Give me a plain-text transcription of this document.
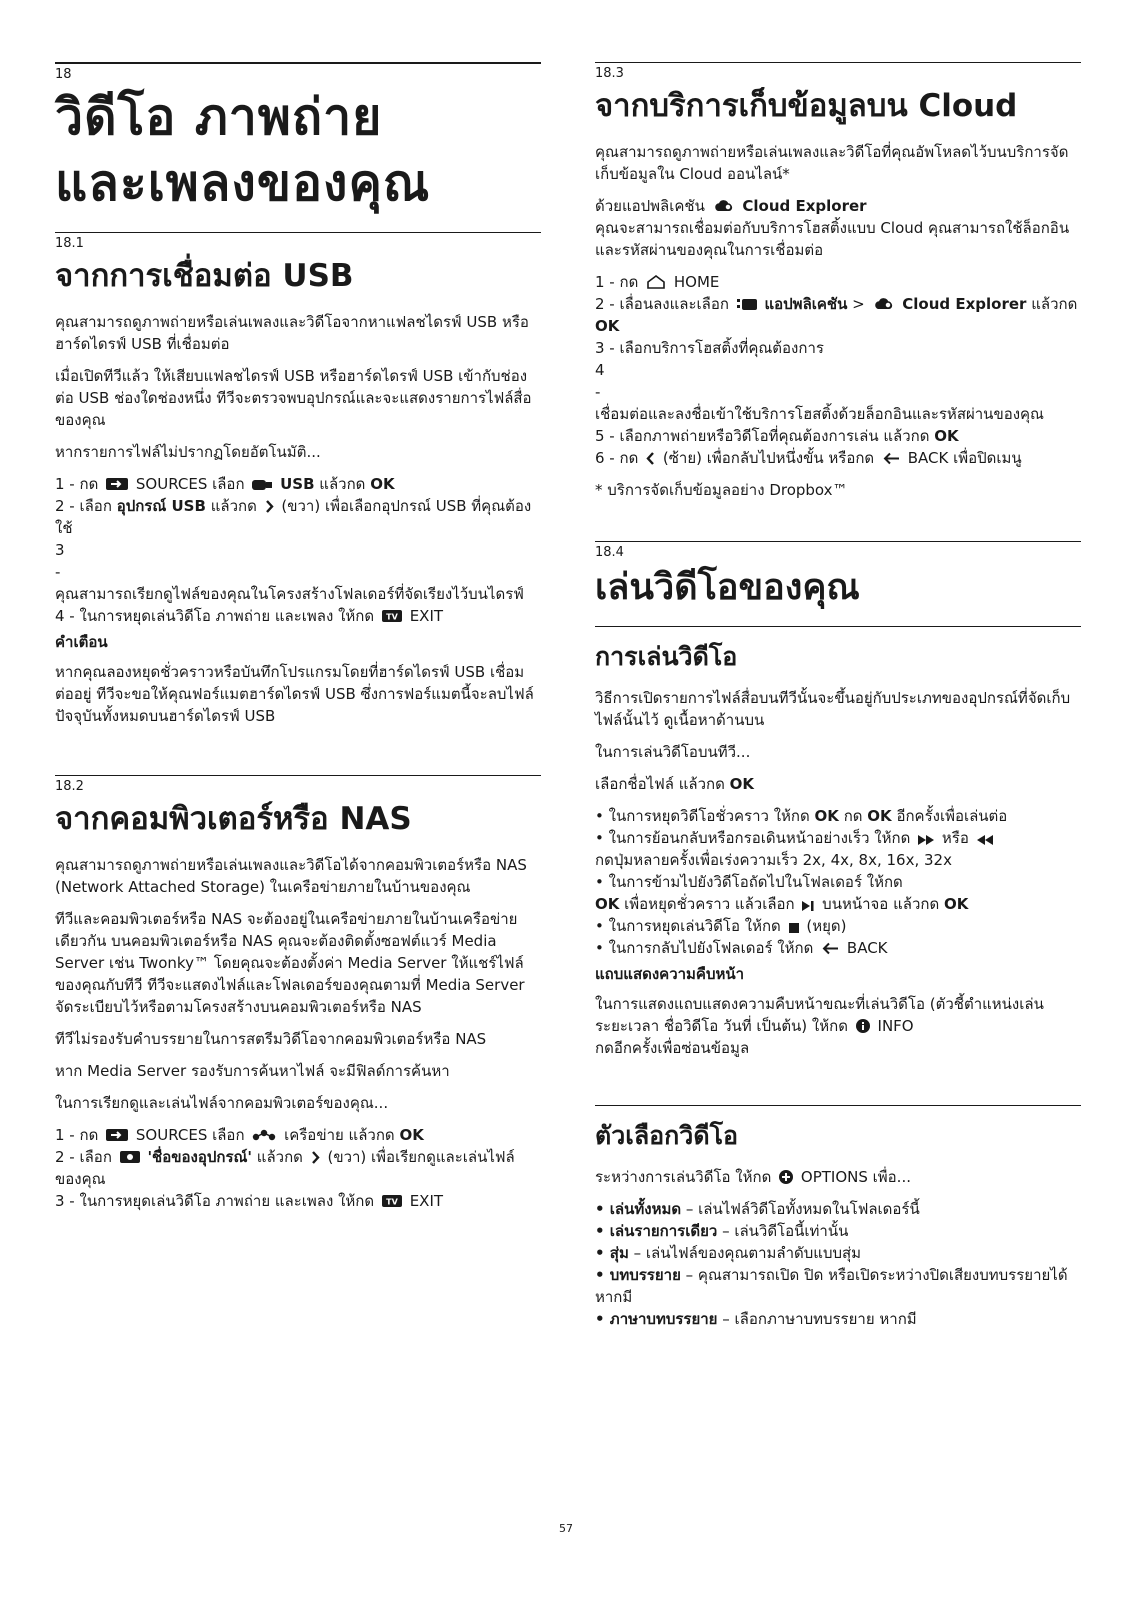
18

วิดีโอ ภาพถ่าย
และเพลงของคุณ

18.1

จากการเชื่อมต่อ USB

คุณสามารถดูภาพถ่ายหรือเล่นเพลงและวิดีโอจากหาแฟลชไดรฟ์ USB หรือ ฮาร์ดไดรฟ์ USB ที่เชื่อมต่อ

เมื่อเปิดทีวีแล้ว ให้เสียบแฟลชไดรฟ์ USB หรือฮาร์ดไดรฟ์ USB เข้ากับช่องต่อ USB ช่องใดช่องหนึ่ง ทีวีจะตรวจพบอุปกรณ์และจะแสดงรายการไฟล์สื่อของคุณ

หากรายการไฟล์ไม่ปรากฏโดยอัตโนมัติ...

1 - กด	SOURCES เลือก USB แล้วกด OK

2 - เลือก อุปกรณ์ USB แล้วกด (ขวา) เพื่อเลือกอุปกรณ์ USB ที่คุณต้องใช้

3

-

คุณสามารถเรียกดูไฟล์ของคุณในโครงสร้างโฟลเดอร์ที่จัดเรียงไว้บนไดรฟ์

4 - ในการหยุดเล่นวิดีโอ ภาพถ่าย และเพลง ให้กด TV EXIT

คำเตือน

หากคุณลองหยุดชั่วคราวหรือบันทึกโปรแกรมโดยที่ฮาร์ดไดรฟ์ USB เชื่อมต่ออยู่ ทีวีจะขอให้คุณฟอร์แมตฮาร์ดไดรฟ์ USB ซึ่งการฟอร์แมตนี้จะลบไฟล์ปัจจุบันทั้งหมดบนฮาร์ดไดรฟ์ USB

18.2

จากคอมพิวเตอร์หรือ NAS

คุณสามารถดูภาพถ่ายหรือเล่นเพลงและวิดีโอได้จากคอมพิวเตอร์หรือ NAS (Network Attached Storage) ในเครือข่ายภายในบ้านของคุณ

ทีวีและคอมพิวเตอร์หรือ NAS จะต้องอยู่ในเครือข่ายภายในบ้านเครือข่ายเดียวกัน บนคอมพิวเตอร์หรือ NAS คุณจะต้องติดตั้งซอฟต์แวร์ Media Server เช่น Twonky™ โดยคุณจะต้องตั้งค่า Media Server ให้แชร์ไฟล์ของคุณกับทีวี ทีวีจะแสดงไฟล์และโฟลเดอร์ของคุณตามที่ Media Server จัดระเบียบไว้หรือตามโครงสร้างบนคอมพิวเตอร์หรือ NAS

ทีวีไม่รองรับคำบรรยายในการสตรีมวิดีโอจากคอมพิวเตอร์หรือ NAS

หาก Media Server รองรับการค้นหาไฟล์ จะมีฟิลด์การค้นหา

ในการเรียกดูและเล่นไฟล์จากคอมพิวเตอร์ของคุณ...

1 - กด	SOURCES เลือก	เครือข่าย แล้วกด OK

2 - เลือก 'ชื่อของอุปกรณ์' แล้วกด (ขวา) เพื่อเรียกดูและเล่นไฟล์ของคุณ

3 - ในการหยุดเล่นวิดีโอ ภาพถ่าย และเพลง ให้กด TV EXIT

18.3

จากบริการเก็บข้อมูลบน Cloud

คุณสามารถดูภาพถ่ายหรือเล่นเพลงและวิดีโอที่คุณอัพโหลดไว้บนบริการจัดเก็บข้อมูลใน Cloud ออนไลน์*

ด้วยแอปพลิเคชัน	Cloud Explorer
คุณจะสามารถเชื่อมต่อกับบริการโฮสติ้งแบบ Cloud คุณสามารถใช้ล็อกอินและรหัสผ่านของคุณในการเชื่อมต่อ

1 - กด HOME

2 - เลื่อนลงและเลือก แอปพลิเคชัน >	Cloud Explorer แล้วกด OK

3 - เลือกบริการโฮสติ้งที่คุณต้องการ

4

-

เชื่อมต่อและลงชื่อเข้าใช้บริการโฮสติ้งด้วยล็อกอินและรหัสผ่านของคุณ

5 - เลือกภาพถ่ายหรือวิดีโอที่คุณต้องการเล่น แล้วกด OK

6 - กด (ซ้าย) เพื่อกลับไปหนึ่งขั้น หรือกด BACK เพื่อปิดเมนู

* บริการจัดเก็บข้อมูลอย่าง Dropbox™

18.4

เล่นวิดีโอของคุณ
การเล่นวิดีโอ

วิธีการเปิดรายการไฟล์สื่อบนทีวีนั้นจะขึ้นอยู่กับประเภทของอุปกรณ์ที่จัดเก็บไฟล์นั้นไว้ ดูเนื้อหาด้านบน

ในการเล่นวิดีโอบนทีวี...

เลือกชื่อไฟล์ แล้วกด OK

• ในการหยุดวิดีโอชั่วคราว ให้กด OK กด OK อีกครั้งเพื่อเล่นต่อ

• ในการย้อนกลับหรือกรอเดินหน้าอย่างเร็ว ให้กด หรือ
กดปุ่มหลายครั้งเพื่อเร่งความเร็ว 2x, 4x, 8x, 16x, 32x

• ในการข้ามไปยังวิดีโอถัดไปในโฟลเดอร์ ให้กด
OK เพื่อหยุดชั่วคราว แล้วเลือก บนหน้าจอ แล้วกด OK

• ในการหยุดเล่นวิดีโอ ให้กด (หยุด)

• ในการกลับไปยังโฟลเดอร์ ให้กด BACK

แถบแสดงความคืบหน้า

ในการแสดงแถบแสดงความคืบหน้าขณะที่เล่นวิดีโอ (ตัวชี้ตำแหน่งเล่น ระยะเวลา ชื่อวิดีโอ วันที่ เป็นต้น) ให้กด INFO
กดอีกครั้งเพื่อซ่อนข้อมูล

ตัวเลือกวิดีโอ

ระหว่างการเล่นวิดีโอ ให้กด OPTIONS เพื่อ...

• เล่นทั้งหมด – เล่นไฟล์วิดีโอทั้งหมดในโฟลเดอร์นี้

• เล่นรายการเดียว – เล่นวิดีโอนี้เท่านั้น

• สุ่ม – เล่นไฟล์ของคุณตามลำดับแบบสุ่ม

• บทบรรยาย – คุณสามารถเปิด ปิด หรือเปิดระหว่างปิดเสียงบทบรรยายได้ หากมี

• ภาษาบทบรรยาย – เลือกภาษาบทบรรยาย หากมี

57
